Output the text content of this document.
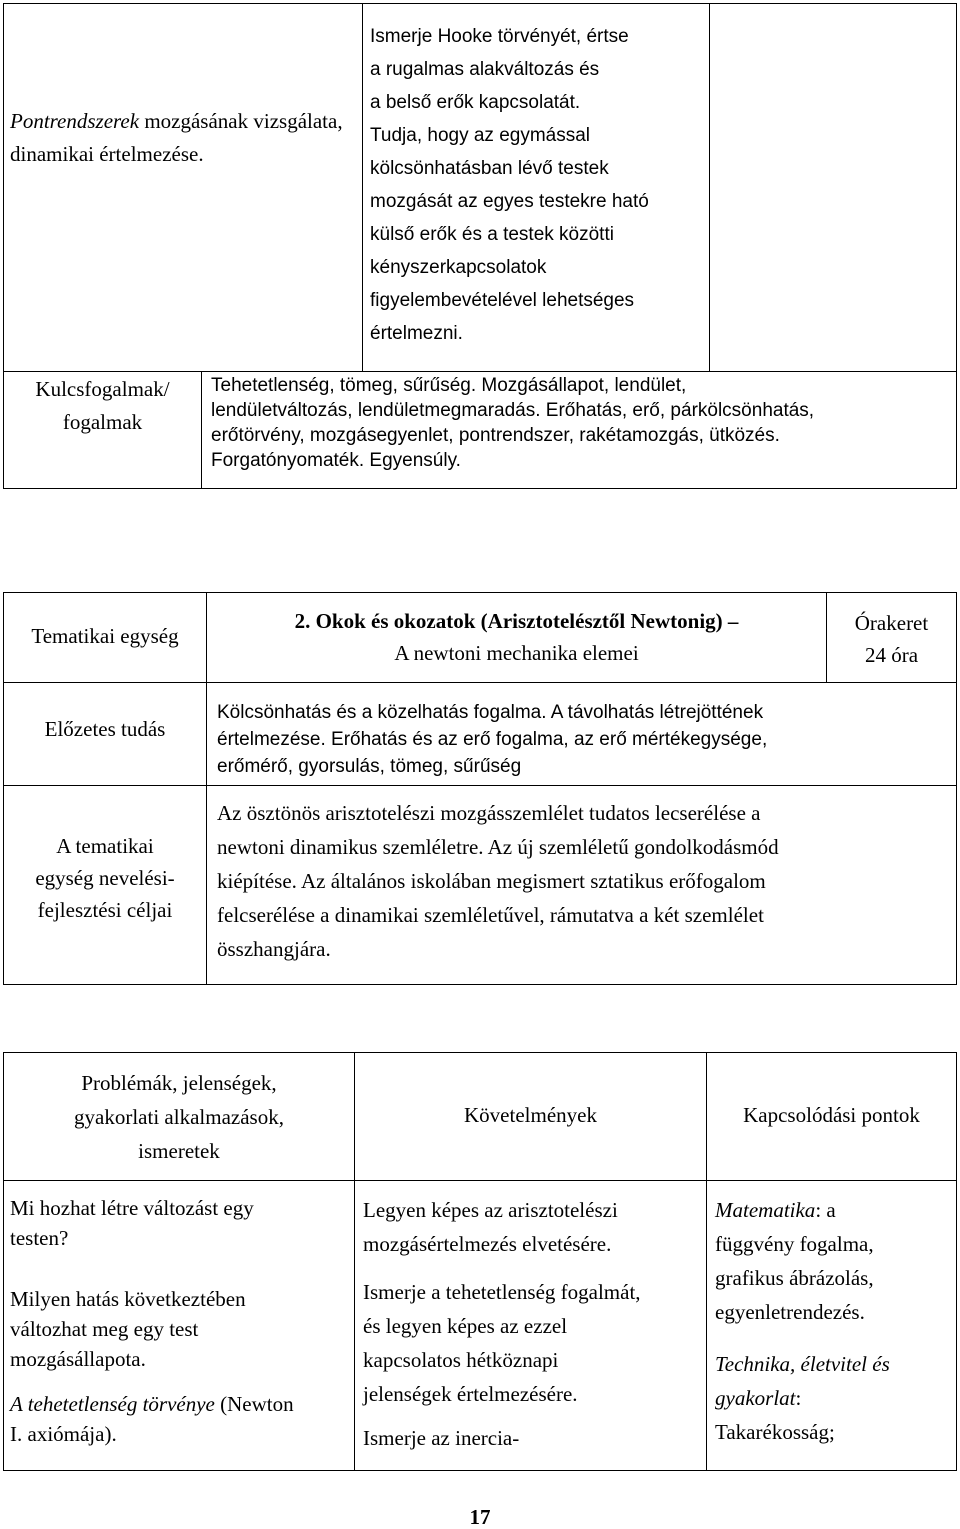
Pontrendszerek mozgásának vizsgálata, dinamikai értelmezése.
Ismerje Hooke törvényét, értse
a rugalmas alakváltozás és
a belső erők kapcsolatát.
Tudja, hogy az egymással
kölcsönhatásban lévő testek
mozgását az egyes testekre ható
külső erők és a testek közötti
kényszerkapcsolatok
figyelembevételével lehetséges
értelmezni.
Kulcsfogalmak/
fogalmak
Tehetetlenség, tömeg, sűrűség. Mozgásállapot, lendület,
lendületváltozás, lendületmegmaradás. Erőhatás, erő, párkölcsönhatás,
erőtörvény, mozgásegyenlet, pontrendszer, rakétamozgás, ütközés.
Forgatónyomaték. Egyensúly.
Tematikai egység
2. Okok és okozatok (Arisztotelésztől Newtonig) –
A newtoni mechanika elemei
Órakeret
24 óra
Előzetes tudás
Kölcsönhatás és a közelhatás fogalma. A távolhatás létrejöttének
értelmezése. Erőhatás és az erő fogalma, az erő mértékegysége,
erőmérő, gyorsulás, tömeg, sűrűség
A tematikai
egység nevelési-
fejlesztési céljai
Az ösztönös arisztotelészi mozgásszemlélet tudatos lecserélése a
newtoni dinamikus szemléletre. Az új szemléletű gondolkodásmód
kiépítése. Az általános iskolában megismert sztatikus erőfogalom
felcserélése a dinamikai szemléletűvel, rámutatva a két szemlélet
összhangjára.
Problémák, jelenségek,
gyakorlati alkalmazások,
ismeretek
Követelmények	Kapcsolódási pontok
Mi hozhat létre változást egy
testen?
Milyen hatás következtében
változhat meg egy test
mozgásállapota.
A tehetetlenség törvénye (Newton
I. axiómája).
Legyen képes az arisztotelészi
mozgásértelmezés elvetésére.
Ismerje a tehetetlenség fogalmát,
és legyen képes az ezzel
kapcsolatos hétköznapi
jelenségek értelmezésére.
Ismerje az inercia-
Matematika: a
függvény fogalma,
grafikus ábrázolás,
egyenletrendezés.
Technika, életvitel és
gyakorlat:
Takarékosság;
17
